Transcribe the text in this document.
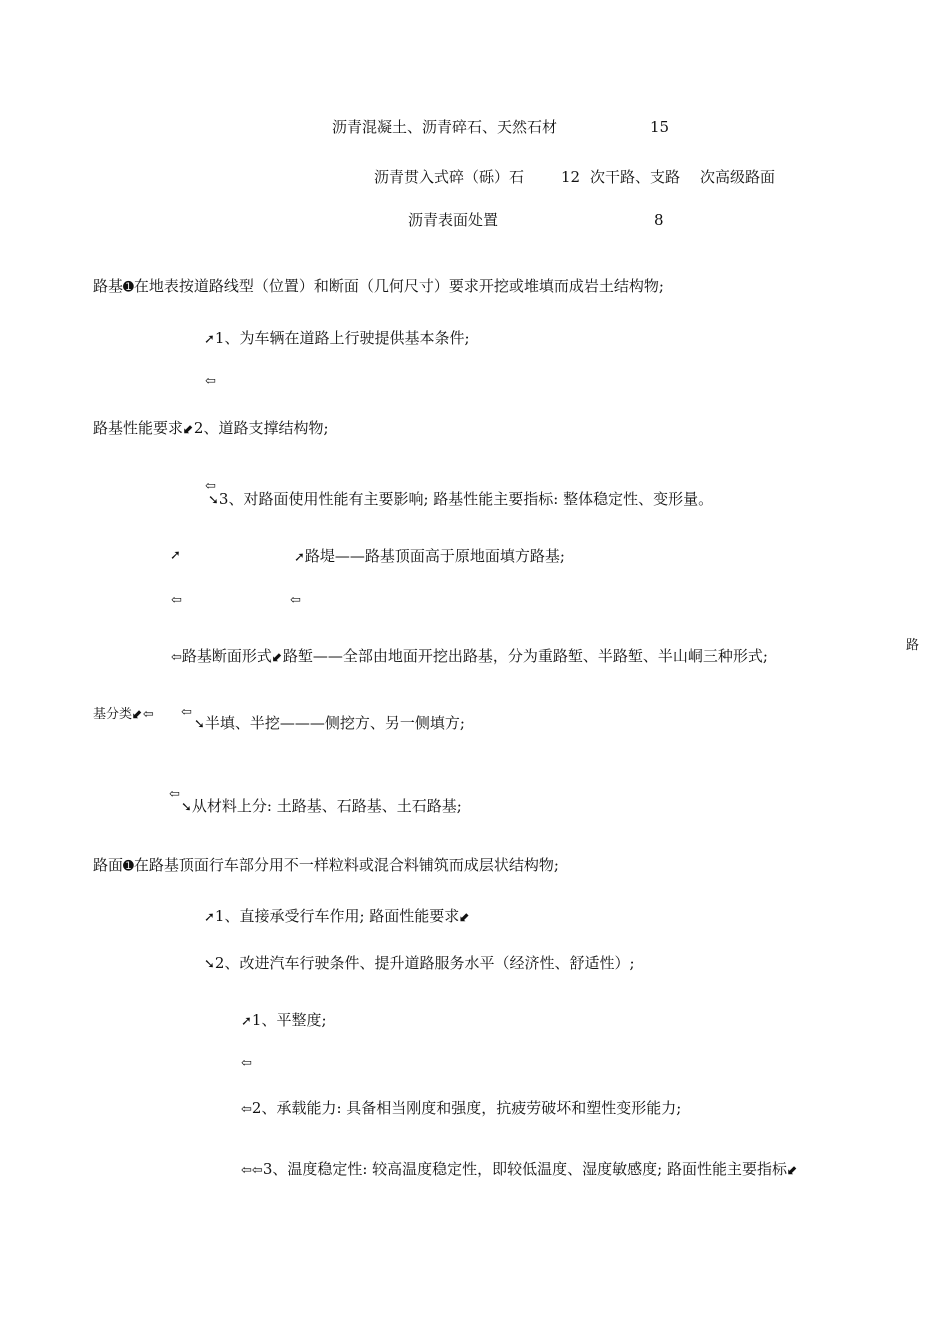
沥青混凝土、沥青碎石、天然石材	15
沥青贯入式碎（砾）石 12 次干路、支路 次高级路面
沥青表面处置	8
路基➊在地表按道路线型（位置）和断面（几何尺寸）要求开挖或堆填而成岩土结构物;
➚1、为车辆在道路上行驶提供基本条件;
⇦
路基性能要求⬋2、道路支撑结构物;
⇦
➘3、对路面使用性能有主要影响; 路基性能主要指标: 整体稳定性、变形量。
➚	➚路堤——路基顶面高于原地面填方路基;
⇦	⇦
⇦路基断面形式⬋路堑——全部由地面开挖出路基，分为重路堑、半路堑、半山峒三种形式;
路
基分类⬋⇦ ⇦
➘半填、半挖———侧挖方、另一侧填方;
⇦
➘从材料上分: 土路基、石路基、土石路基;
路面➊在路基顶面行车部分用不一样粒料或混合料铺筑而成层状结构物;
➚1、直接承受行车作用; 路面性能要求⬋
➘2、改进汽车行驶条件、提升道路服务水平（经济性、舒适性）;
➚1、平整度;
⇦
⇦2、承载能力: 具备相当刚度和强度，抗疲劳破坏和塑性变形能力;
⇦⇦3、温度稳定性: 较高温度稳定性，即较低温度、湿度敏感度; 路面性能主要指标⬋
